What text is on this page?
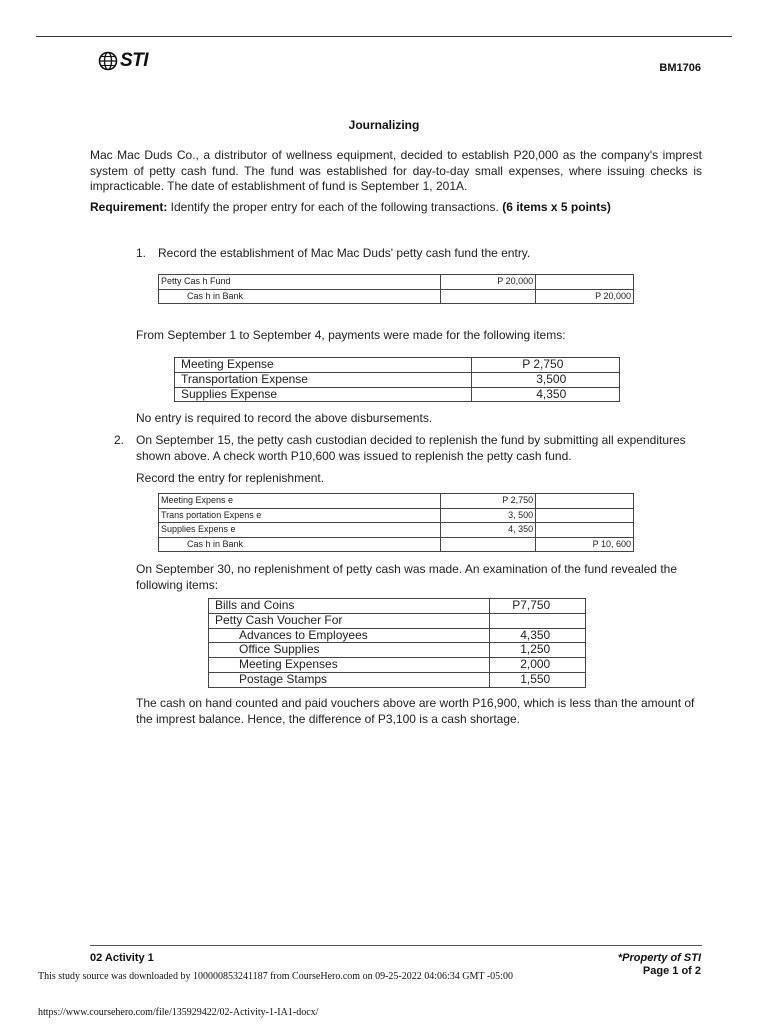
STI	BM1706
Journalizing
Mac Mac Duds Co., a distributor of wellness equipment, decided to establish P20,000 as the company's imprest system of petty cash fund. The fund was established for day-to-day small expenses, where issuing checks is impracticable. The date of establishment of fund is September 1, 201A.
Requirement: Identify the proper entry for each of the following transactions. (6 items x 5 points)
1. Record the establishment of Mac Mac Duds' petty cash fund the entry.
Petty Cas h Fund	P 20,000	
Cas h in Bank		P 20,000
From September 1 to September 4, payments were made for the following items:
Meeting Expense	P 2,750
Transportation Expense	3,500
Supplies Expense	4,350
No entry is required to record the above disbursements.
2. On September 15, the petty cash custodian decided to replenish the fund by submitting all expenditures shown above. A check worth P10,600 was issued to replenish the petty cash fund.
Record the entry for replenishment.
Meeting Expens e	P 2,750	
Trans portation Expens e	3, 500	
Supplies Expens e	4, 350	
Cas h in Bank		P 10, 600
On September 30, no replenishment of petty cash was made. An examination of the fund revealed the following items:
Bills and Coins	P7,750
Petty Cash Voucher For	
Advances to Employees	4,350
Office Supplies	1,250
Meeting Expenses	2,000
Postage Stamps	1,550
The cash on hand counted and paid vouchers above are worth P16,900, which is less than the amount of the imprest balance. Hence, the difference of P3,100 is a cash shortage.
02 Activity 1	*Property of STI
Page 1 of 2
This study source was downloaded by 100000853241187 from CourseHero.com on 09-25-2022 04:06:34 GMT -05:00
https://www.coursehero.com/file/135929422/02-Activity-1-IA1-docx/
